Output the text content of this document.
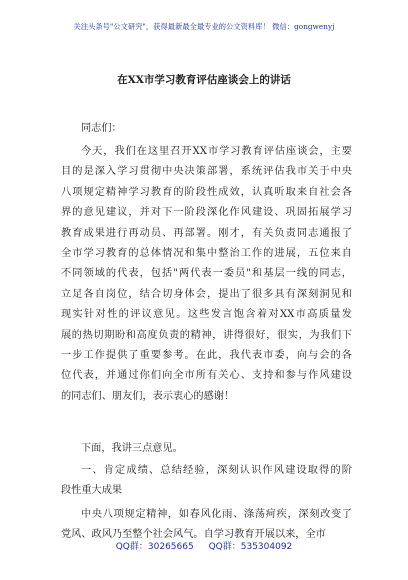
关注头条号"公文研究"，获得最新最全最专业的公文资料库！ 微信：gongwenyj
在XX市学习教育评估座谈会上的讲话
同志们：
今天，我们在这里召开XX市学习教育评估座谈会，主要
目的是深入学习贯彻中央决策部署，系统评估我市关于中央
八项规定精神学习教育的阶段性成效，认真听取来自社会各
界的意见建议，并对下一阶段深化作风建设、巩固拓展学习
教育成果进行再动员、再部署。刚才，有关负责同志通报了
全市学习教育的总体情况和集中整治工作的进展，五位来自
不同领域的代表，包括"两代表一委员"和基层一线的同志，
立足各自岗位，结合切身体会，提出了很多具有深刻洞见和
现实针对性的评议意见。这些发言饱含着对XX市高质量发
展的热切期盼和高度负责的精神，讲得很好，很实，为我们下
一步工作提供了重要参考。在此，我代表市委，向与会的各
位代表，并通过你们向全市所有关心、支持和参与作风建设
的同志们、朋友们，表示衷心的感谢！
下面，我讲三点意见。
一、肯定成绩、总结经验，深刻认识作风建设取得的阶
段性重大成果
中央八项规定精神，如春风化雨、涤荡疴疾，深刻改变了
党风、政风乃至整个社会风气。自学习教育开展以来，全市
QQ群：30265665 QQ群：535304092
